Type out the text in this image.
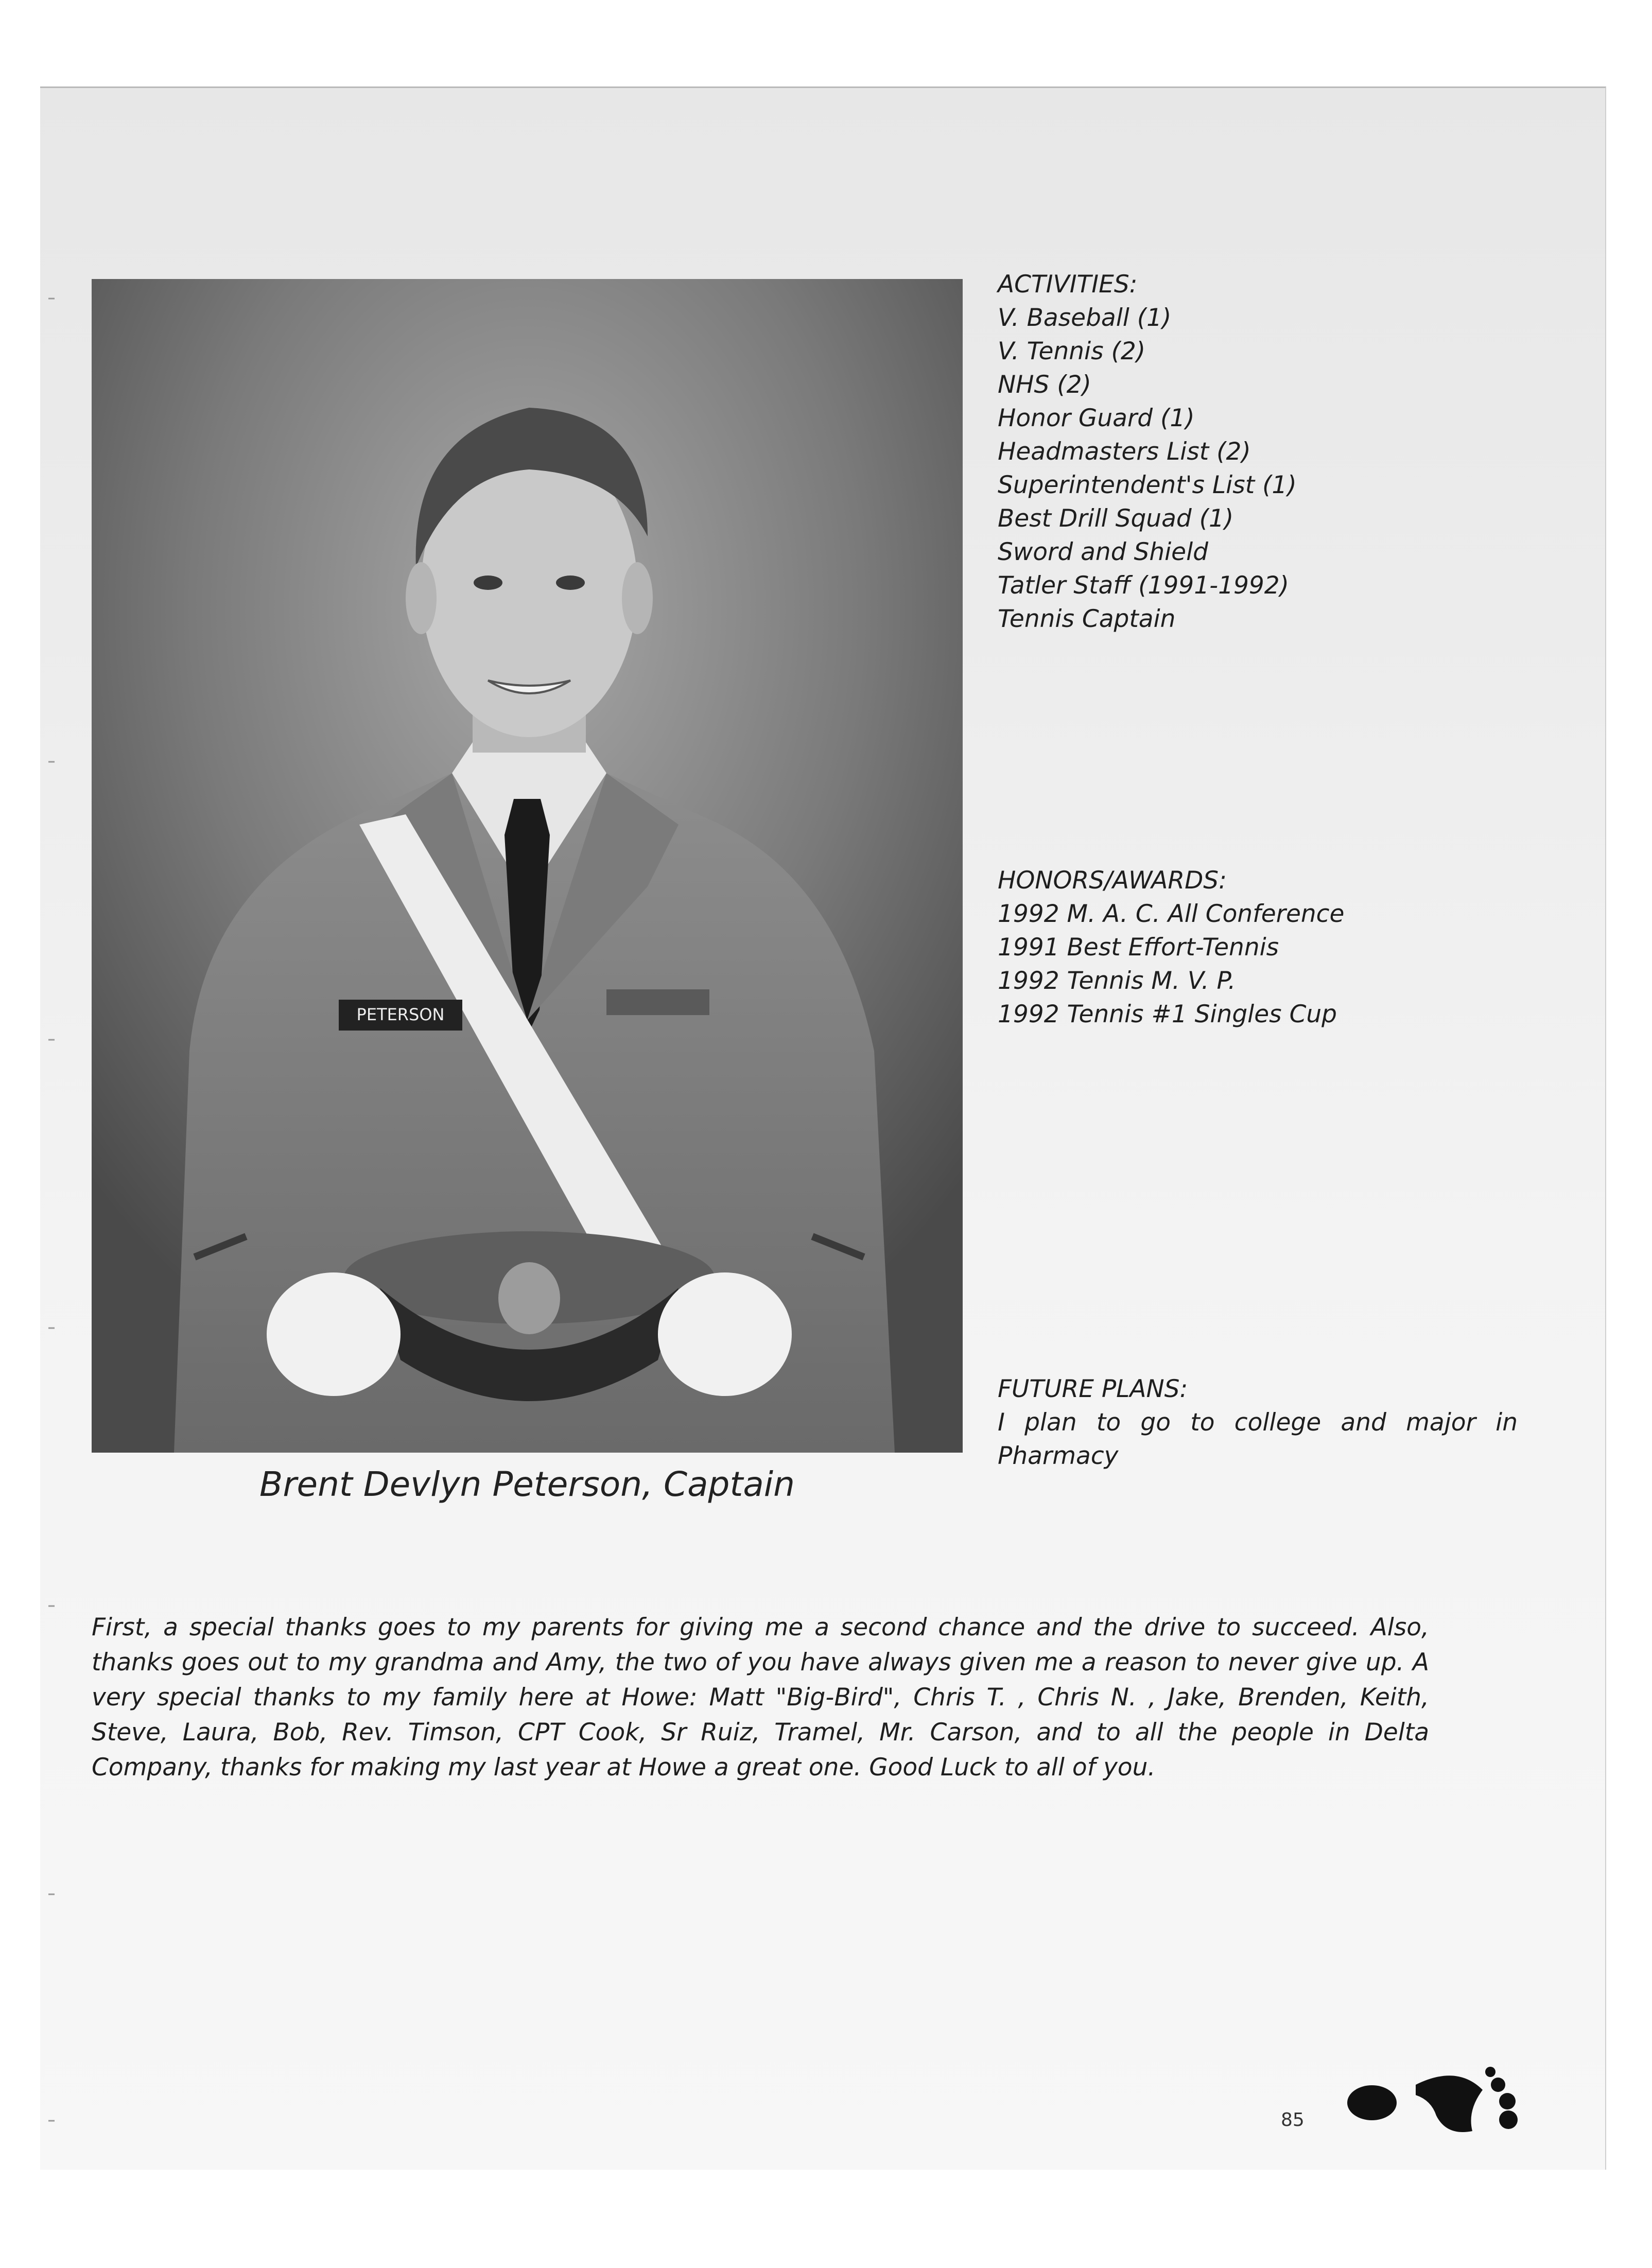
PETERSON
Brent Devlyn Peterson, Captain
ACTIVITIES:
V. Baseball (1)
V. Tennis (2)
NHS (2)
Honor Guard (1)
Headmasters List (2)
Superintendent's List (1)
Best Drill Squad (1)
Sword and Shield
Tatler Staff (1991-1992)
Tennis Captain
HONORS/AWARDS:
1992 M. A. C. All Conference
1991 Best Effort-Tennis
1992 Tennis M. V. P.
1992 Tennis #1 Singles Cup
FUTURE PLANS:
I plan to go to college and major in Pharmacy
First, a special thanks goes to my parents for giving me a second chance and the drive to succeed. Also, thanks goes out to my grandma and Amy, the two of you have always given me a reason to never give up. A very special thanks to my family here at Howe: Matt "Big-Bird", Chris T. , Chris N. , Jake, Brenden, Keith, Steve, Laura, Bob, Rev. Timson, CPT Cook, Sr Ruiz, Tramel, Mr. Carson, and to all the people in Delta Company, thanks for making my last year at Howe a great one. Good Luck to all of you.
85
